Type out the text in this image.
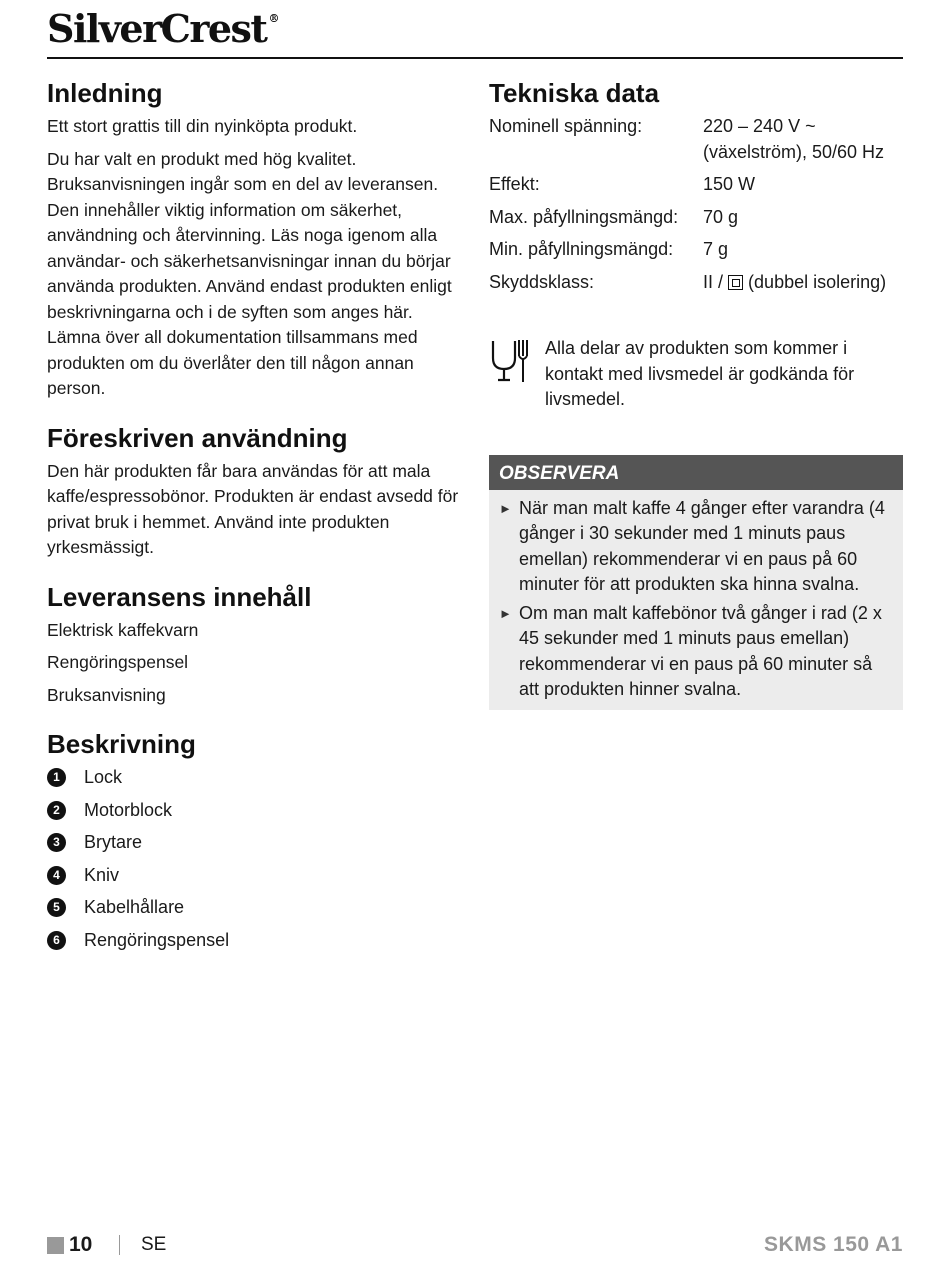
SilverCrest ®
Inledning

Ett stort grattis till din nyinköpta produkt.

Du har valt en produkt med hög kvalitet. Bruksanvisningen ingår som en del av leveransen. Den innehåller viktig information om säkerhet, användning och återvinning. Läs noga igenom alla användar- och säkerhetsanvisningar innan du börjar använda produkten. Använd endast produkten enligt beskrivningarna och i de syften som anges här. Lämna över all dokumentation tillsammans med produkten om du överlåter den till någon annan person.

Föreskriven användning

Den här produkten får bara användas för att mala kaffe/espressobönor. Produkten är endast avsedd för privat bruk i hemmet. Använd inte produkten yrkesmässigt.

Leveransens innehåll
Elektrisk kaffekvarn
Rengöringspensel
Bruksanvisning
Beskrivning
1	Lock
2	Motorblock
3	Brytare
4	Kniv
5	Kabelhållare
6	Rengöringspensel
Tekniska data
Nominell spänning:	220 – 240 V ~
(växelström), 50/60 Hz
Effekt:	150 W
Max. påfyllningsmängd:	70 g
Min. påfyllningsmängd:	7 g
Skyddsklass:	II / (dubbel isolering)
Alla delar av produkten som kommer i kontakt med livsmedel är godkända för livsmedel.
OBSERVERA
► När man malt kaffe 4 gånger efter varandra (4 gånger i 30 sekunder med 1 minuts paus emellan) rekommenderar vi en paus på 60 minuter för att produkten ska hinna svalna.
► Om man malt kaffebönor två gånger i rad (2 x 45 sekunder med 1 minuts paus emellan) rekommenderar vi en paus på 60 minuter så att produkten hinner svalna.
10	SE	SKMS 150 A1
